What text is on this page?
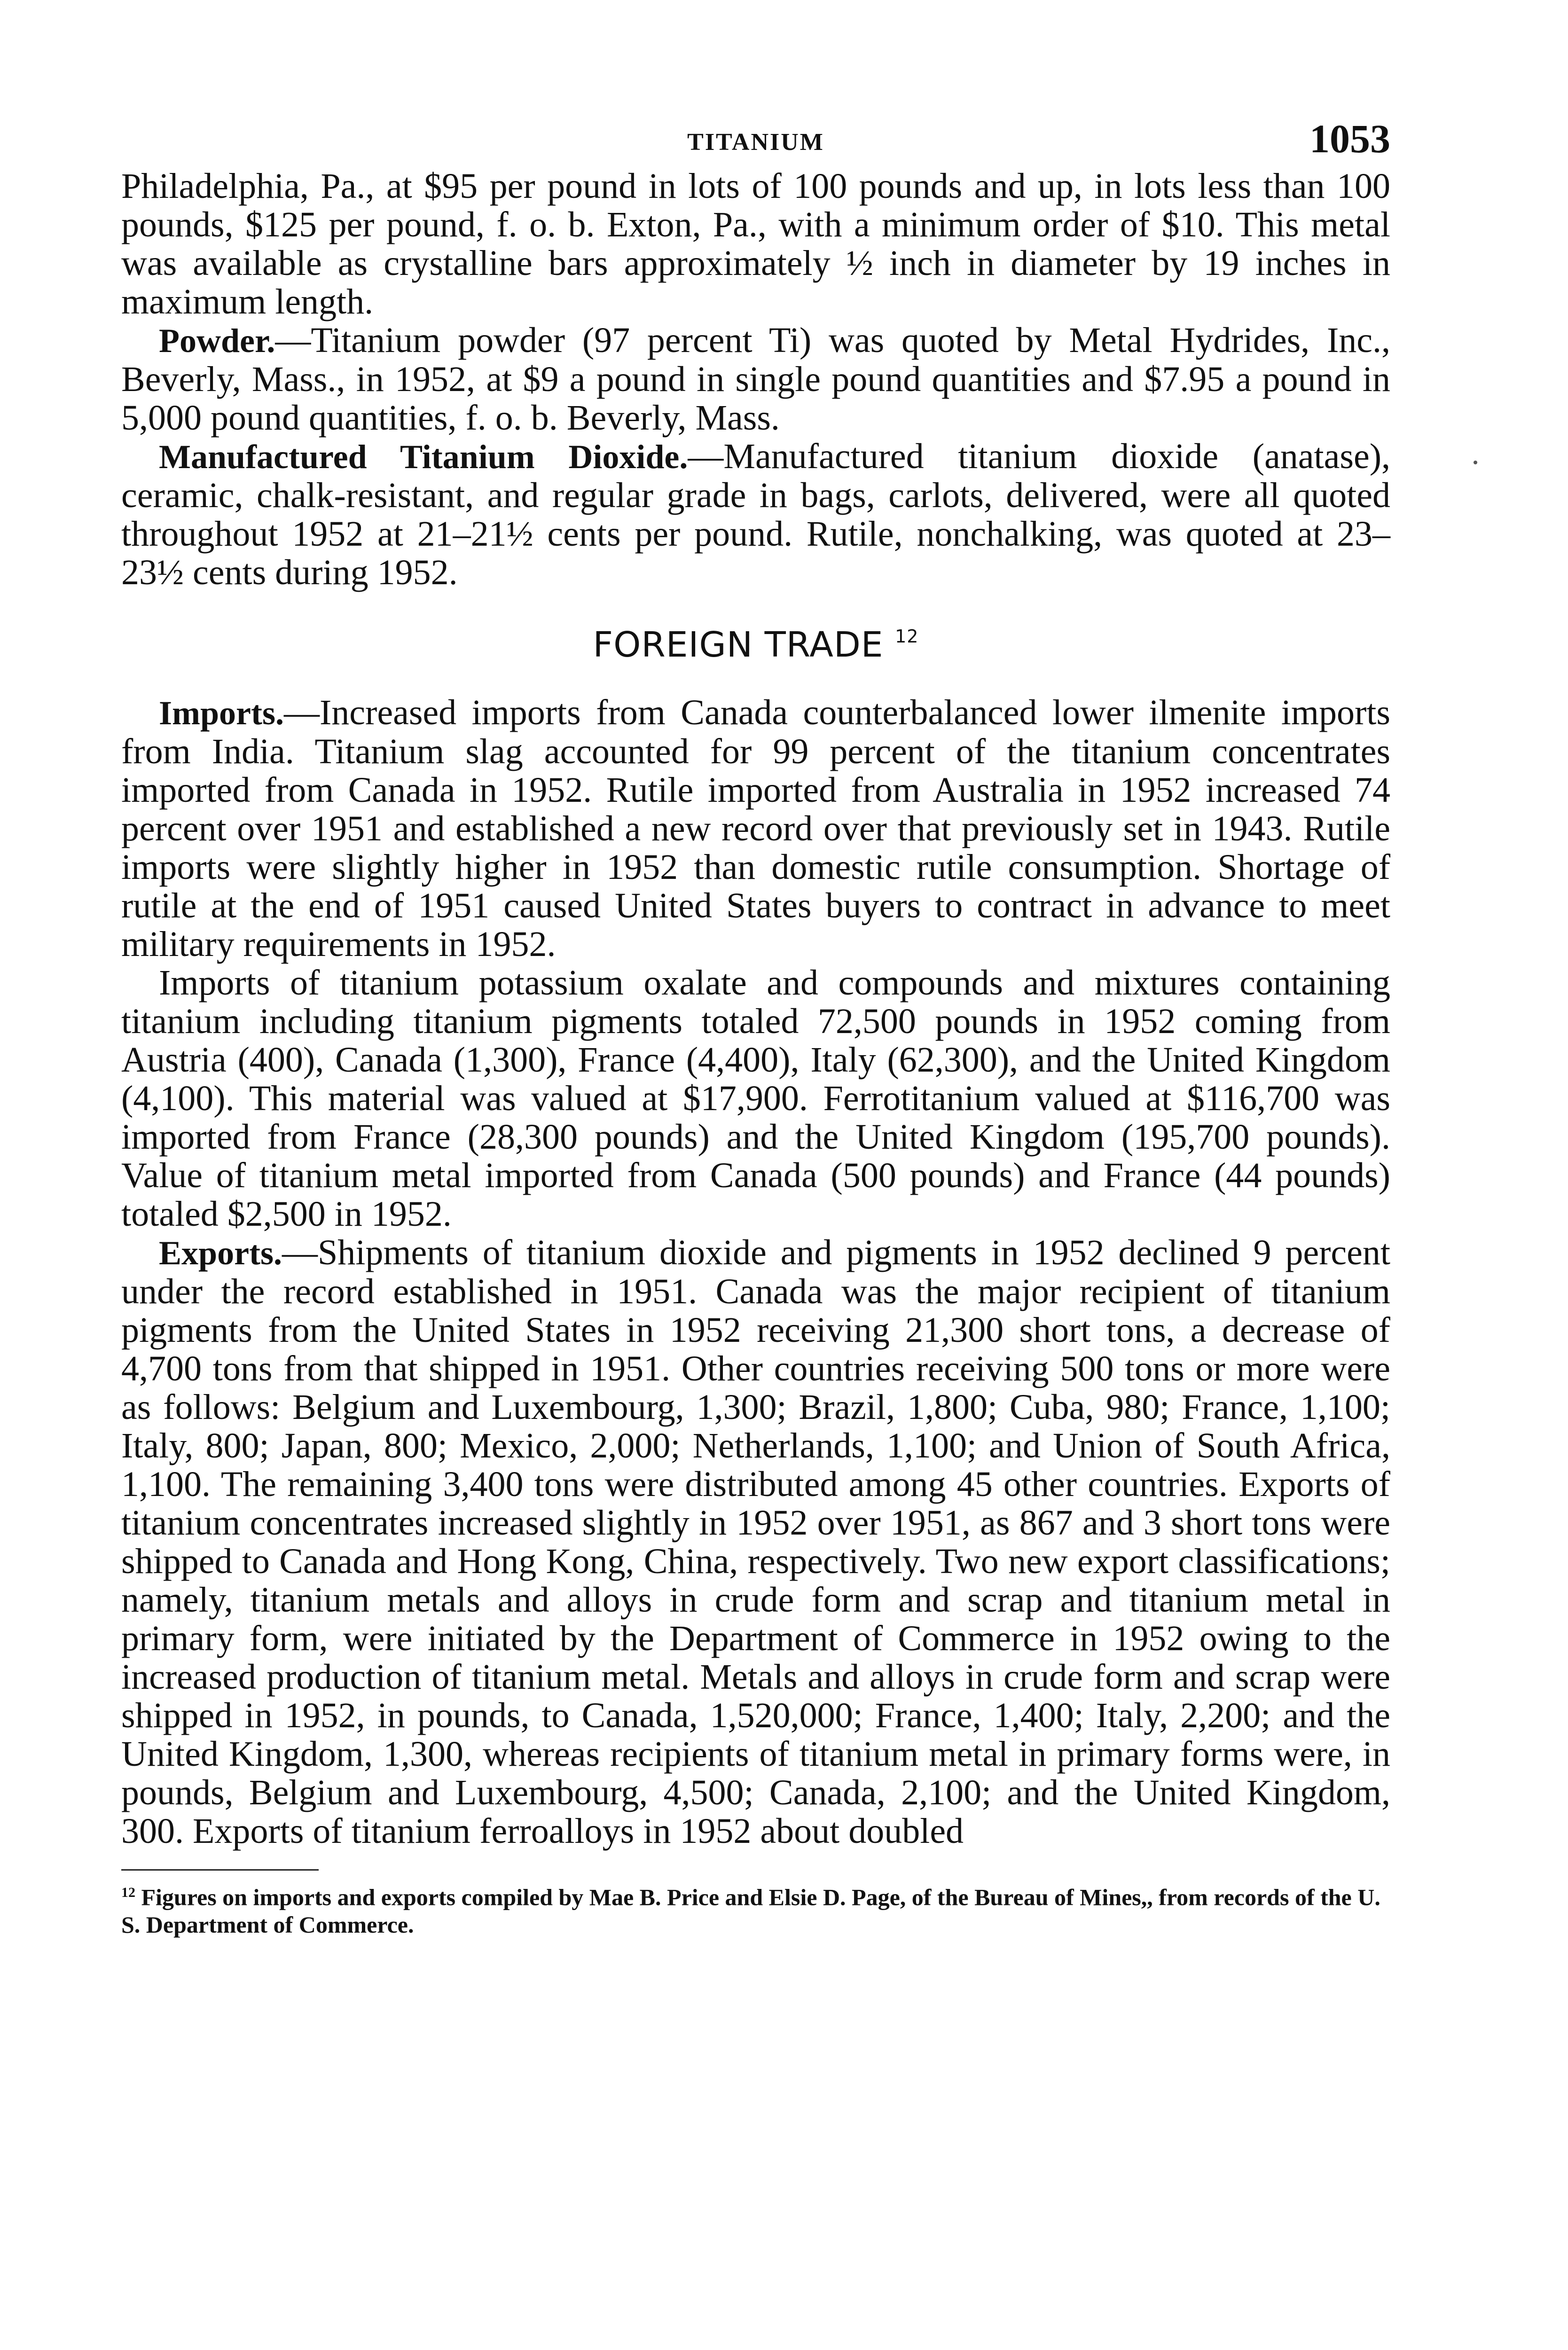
TITANIUM	1053

Philadelphia, Pa., at $95 per pound in lots of 100 pounds and up, in lots less than 100 pounds, $125 per pound, f. o. b. Exton, Pa., with a minimum order of $10. This metal was available as crystalline bars approximately ½ inch in diameter by 19 inches in maximum length.

Powder.—Titanium powder (97 percent Ti) was quoted by Metal Hydrides, Inc., Beverly, Mass., in 1952, at $9 a pound in single pound quantities and $7.95 a pound in 5,000 pound quantities, f. o. b. Beverly, Mass.

Manufactured Titanium Dioxide.—Manufactured titanium dioxide (anatase), ceramic, chalk-resistant, and regular grade in bags, carlots, delivered, were all quoted throughout 1952 at 21–21½ cents per pound. Rutile, nonchalking, was quoted at 23–23½ cents during 1952.

FOREIGN TRADE $^{12}$

Imports.—Increased imports from Canada counterbalanced lower ilmenite imports from India. Titanium slag accounted for 99 percent of the titanium concentrates imported from Canada in 1952. Rutile imported from Australia in 1952 increased 74 percent over 1951 and established a new record over that previously set in 1943. Rutile imports were slightly higher in 1952 than domestic rutile consumption. Shortage of rutile at the end of 1951 caused United States buyers to contract in advance to meet military requirements in 1952.

Imports of titanium potassium oxalate and compounds and mixtures containing titanium including titanium pigments totaled 72,500 pounds in 1952 coming from Austria (400), Canada (1,300), France (4,400), Italy (62,300), and the United Kingdom (4,100). This material was valued at $17,900. Ferrotitanium valued at $116,700 was imported from France (28,300 pounds) and the United Kingdom (195,700 pounds). Value of titanium metal imported from Canada (500 pounds) and France (44 pounds) totaled $2,500 in 1952.

Exports.—Shipments of titanium dioxide and pigments in 1952 declined 9 percent under the record established in 1951. Canada was the major recipient of titanium pigments from the United States in 1952 receiving 21,300 short tons, a decrease of 4,700 tons from that shipped in 1951. Other countries receiving 500 tons or more were as follows: Belgium and Luxembourg, 1,300; Brazil, 1,800; Cuba, 980; France, 1,100; Italy, 800; Japan, 800; Mexico, 2,000; Netherlands, 1,100; and Union of South Africa, 1,100. The remaining 3,400 tons were distributed among 45 other countries. Exports of titanium concentrates increased slightly in 1952 over 1951, as 867 and 3 short tons were shipped to Canada and Hong Kong, China, respectively. Two new export classifications; namely, titanium metals and alloys in crude form and scrap and titanium metal in primary form, were initiated by the Department of Commerce in 1952 owing to the increased production of titanium metal. Metals and alloys in crude form and scrap were shipped in 1952, in pounds, to Canada, 1,520,000; France, 1,400; Italy, 2,200; and the United Kingdom, 1,300, whereas recipients of titanium metal in primary forms were, in pounds, Belgium and Luxembourg, 4,500; Canada, 2,100; and the United Kingdom, 300. Exports of titanium ferroalloys in 1952 about doubled

$^{12}$ Figures on imports and exports compiled by Mae B. Price and Elsie D. Page, of the Bureau of Mines,, from records of the U. S. Department of Commerce.
